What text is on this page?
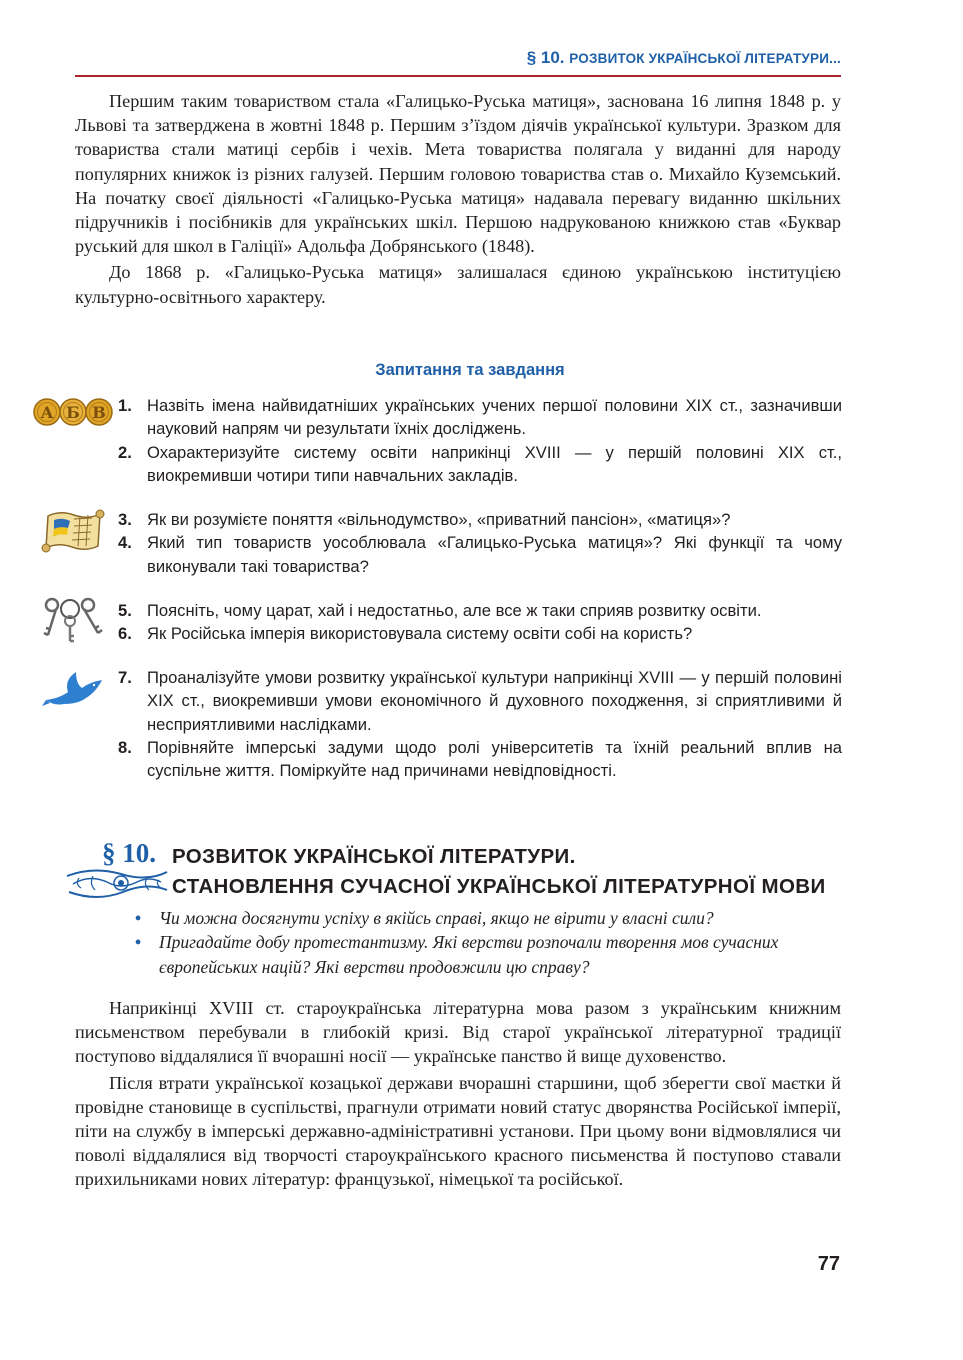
§ 10. РОЗВИТОК УКРАЇНСЬКОЇ ЛІТЕРАТУРИ...

Першим таким товариством стала «Галицько-Руська матиця», заснована 16 липня 1848 р. у Львові та затверджена в жовтні 1848 р. Першим з’їздом діячів української культури. Зразком для товариства стали матиці сербів і чехів. Мета товариства полягала у виданні для народу популярних книжок із різних галузей. Першим головою товариства став о. Михайло Куземський. На початку своєї діяльності «Галицько-Руська матиця» надавала перевагу виданню шкільних підручників і посібників для українських шкіл. Першою надрукованою книжкою став «Буквар руський для школ в Галіції» Адольфа Добрянського (1848).

До 1868 р. «Галицько-Руська матиця» залишалася єдиною українською інституцією культурно-освітнього характеру.

Запитання та завдання
А Б В 1. Назвіть імена найвидатніших українських учених першої половини XIX ст., зазначивши науковий напрям чи результати їхніх досліджень.
2. Охарактеризуйте систему освіти наприкінці XVIII — у першій половині XIX ст., виокремивши чотири типи навчальних закладів.
3. Як ви розумієте поняття «вільнодумство», «приватний пансіон», «матиця»?
4. Який тип товариств уособлювала «Галицько-Руська матиця»? Які функції та чому виконували такі товариства?
5. Поясніть, чому царат, хай і недостатньо, але все ж таки сприяв розвитку освіти.
6. Як Російська імперія використовувала систему освіти собі на користь?
7. Проаналізуйте умови розвитку української культури наприкінці XVIII — у першій половині XIX ст., виокремивши умови економічного й духовного походження, зі сприятливими й несприятливими наслідками.
8. Порівняйте імперські задуми щодо ролі університетів та їхній реальний вплив на суспільне життя. Поміркуйте над причинами невідповідності.
§ 10. РОЗВИТОК УКРАЇНСЬКОЇ ЛІТЕРАТУРИ.
СТАНОВЛЕННЯ СУЧАСНОЇ УКРАЇНСЬКОЇ ЛІТЕРАТУРНОЇ МОВИ
• Чи можна досягнути успіху в якійсь справі, якщо не вірити у власні сили?
• Пригадайте добу протестантизму. Які верстви розпочали творення мов сучасних європейських націй? Які верстви продовжили цю справу?

Наприкінці XVIII ст. староукраїнська літературна мова разом з українським книжним письменством перебували в глибокій кризі. Від старої української літературної традиції поступово віддалялися її вчорашні носії — українське панство й вище духовенство.

Після втрати української козацької держави вчорашні старшини, щоб зберегти свої маєтки й провідне становище в суспільстві, прагнули отримати новий статус дворянства Російської імперії, піти на службу в імперські державно-адміністративні установи. При цьому вони відмовлялися чи поволі віддалялися від творчості староукраїнського красного письменства й поступово ставали прихильниками нових літератур: французької, німецької та російської.

77
